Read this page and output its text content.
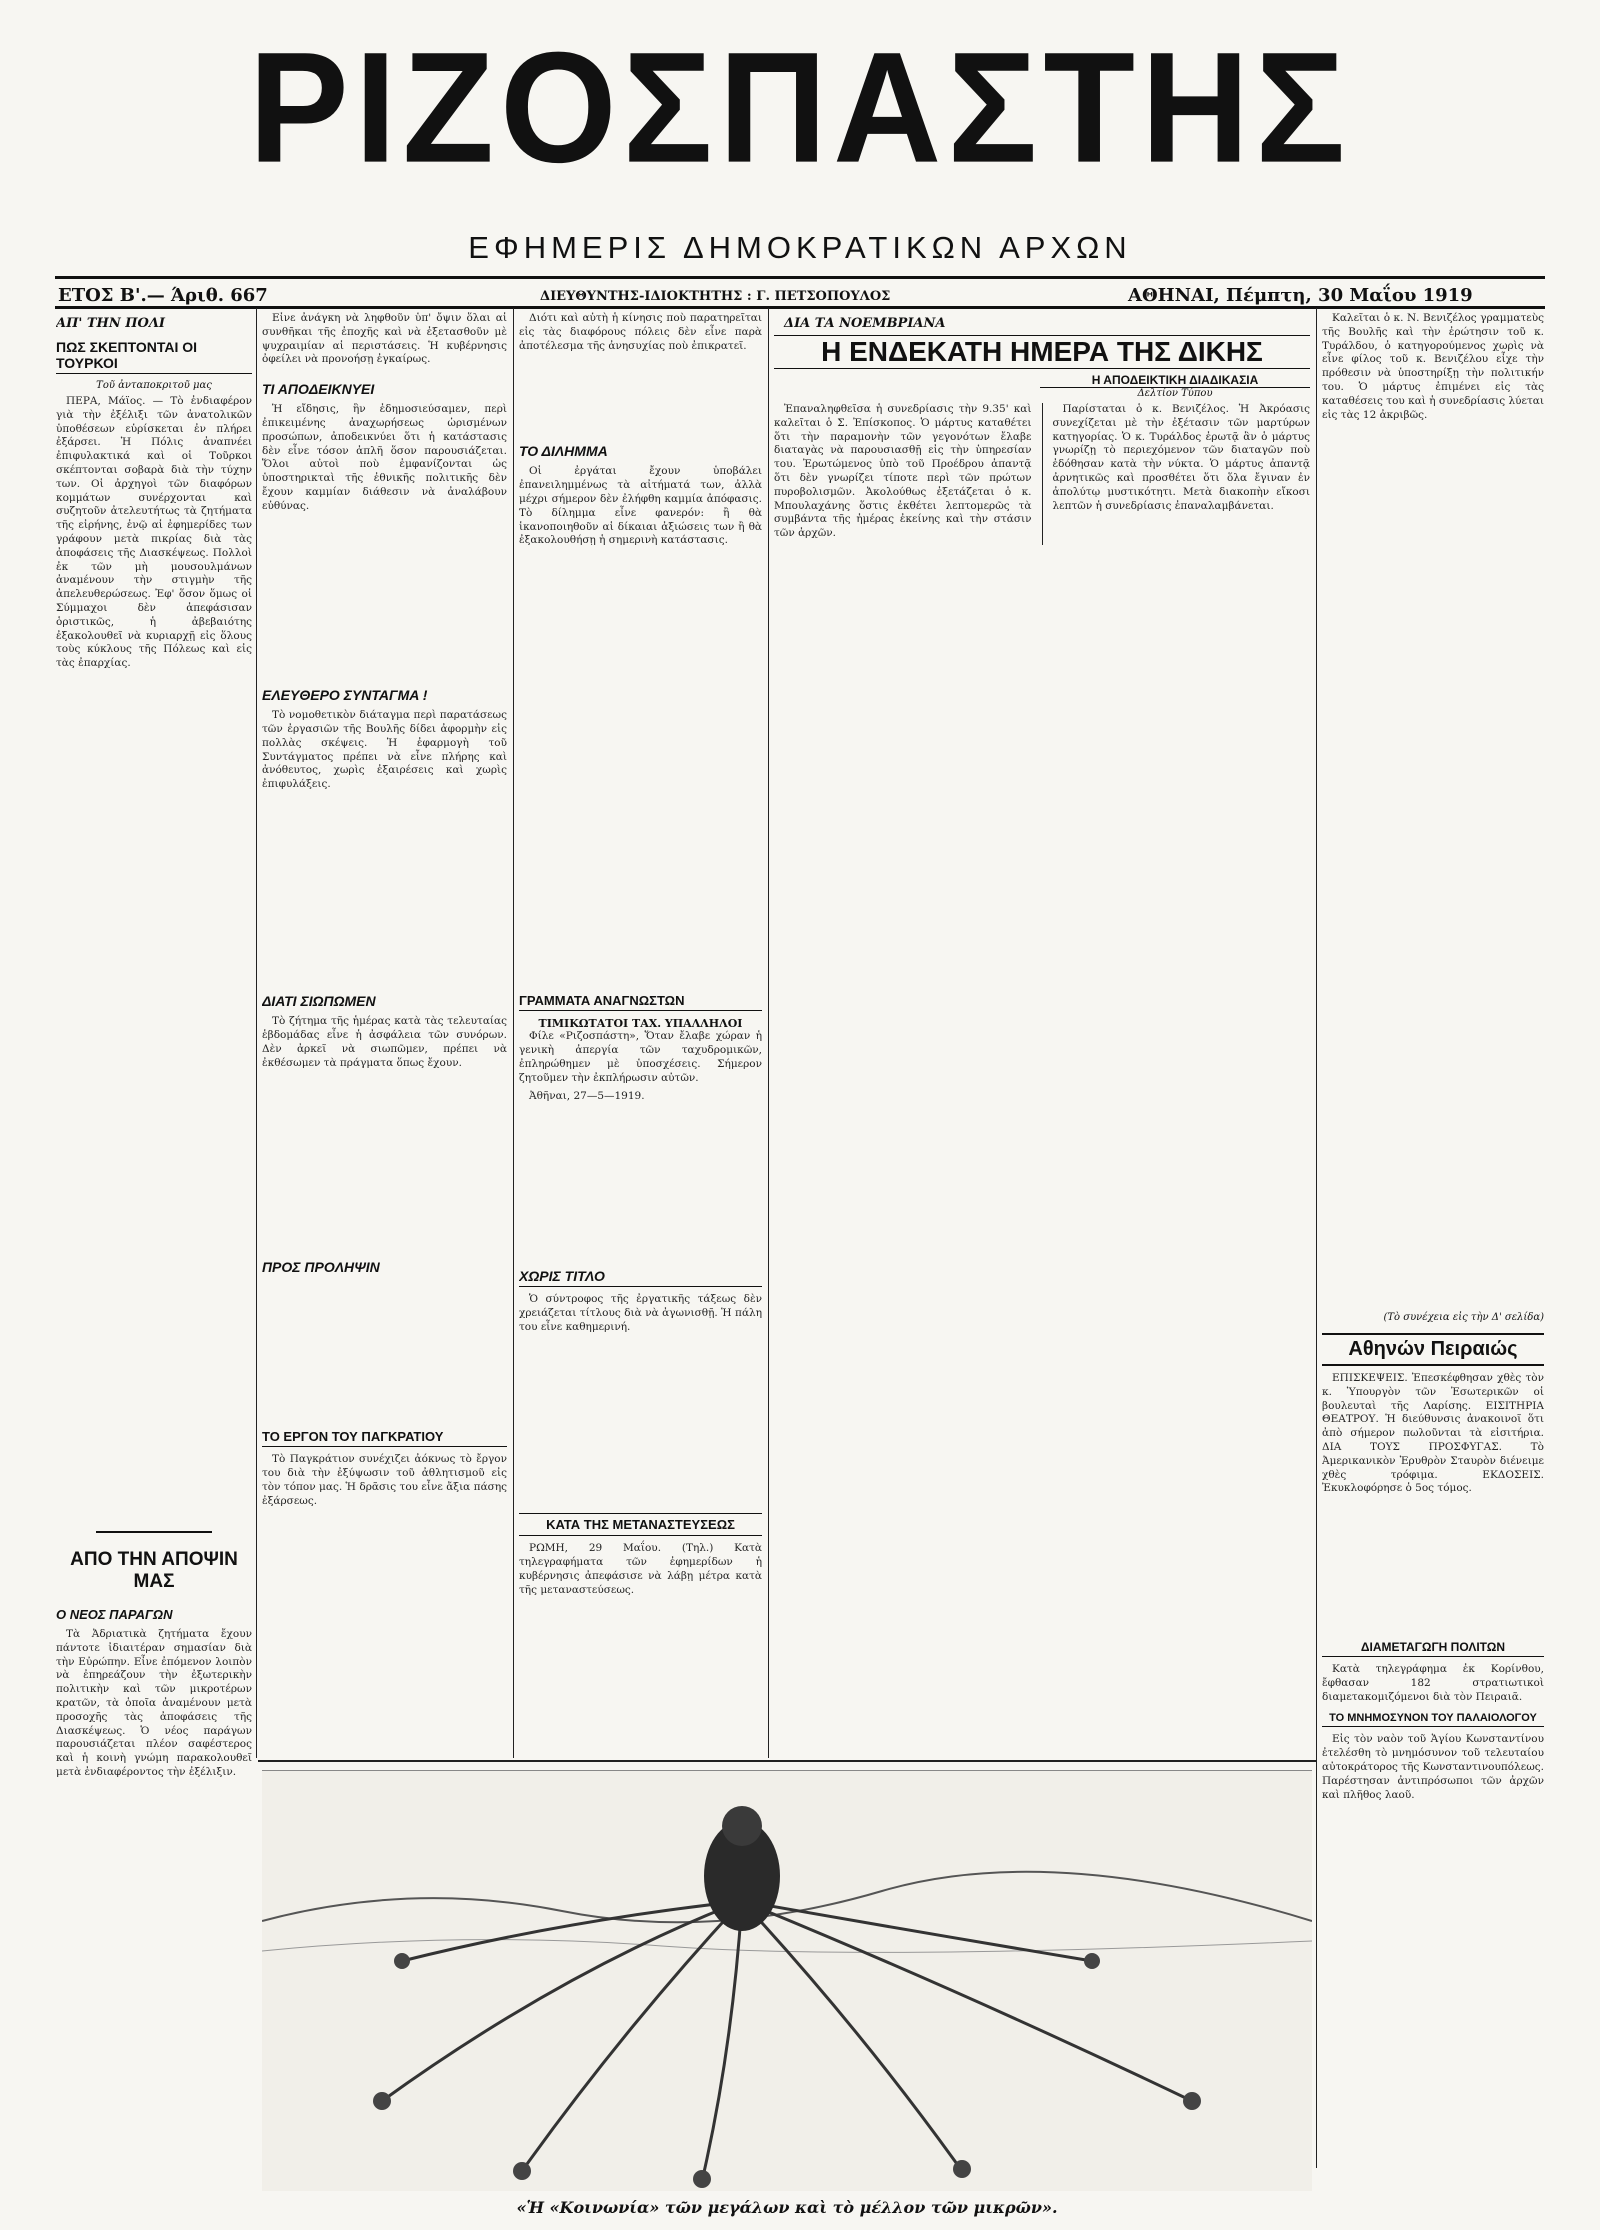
ΡΙΖΟΣΠΑΣΤΗΣ
ΕΦΗΜΕΡΙΣ ΔΗΜΟΚΡΑΤΙΚΩΝ ΑΡΧΩΝ
ΕΤΟΣ Β'.— Άριθ. 667	ΔΙΕΥΘΥΝΤΗΣ-ΙΔΙΟΚΤΗΤΗΣ : Γ. ΠΕΤΣΟΠΟΥΛΟΣ	ΑΘΗΝΑΙ, Πέμπτη, 30 Μαΐου 1919
ΑΠ' ΤΗΝ ΠΟΛΙ
ΠΩΣ ΣΚΕΠΤΟΝΤΑΙ ΟΙ ΤΟΥΡΚΟΙ
Τοῦ ἀνταποκριτοῦ μας

ΠΕΡΑ, Μάϊος. — Τὸ ἐνδιαφέρον γιὰ τὴν ἐξέλιξι τῶν ἀνατολικῶν ὑποθέσεων εὑρίσκεται ἐν πλήρει ἐξάρσει. Ἡ Πόλις ἀναπνέει ἐπιφυλακτικά καὶ οἱ Τοῦρκοι σκέπτονται σοβαρὰ διὰ τὴν τύχην των. Οἱ ἀρχηγοὶ τῶν διαφόρων κομμάτων συνέρχονται καὶ συζητοῦν ἀτελευτήτως τὰ ζητήματα τῆς εἰρήνης, ἐνῷ αἱ ἐφημερίδες των γράφουν μετὰ πικρίας διὰ τὰς ἀποφάσεις τῆς Διασκέψεως. Πολλοὶ ἐκ τῶν μὴ μουσουλμάνων ἀναμένουν τὴν στιγμὴν τῆς ἀπελευθερώσεως. Ἐφ' ὅσον ὅμως οἱ Σύμμαχοι δὲν ἀπεφάσισαν ὁριστικῶς, ἡ ἀβεβαιότης ἐξακολουθεῖ νὰ κυριαρχῇ εἰς ὅλους τοὺς κύκλους τῆς Πόλεως καὶ εἰς τὰς ἐπαρχίας.

ΑΠΟ ΤΗΝ ΑΠΟΨΙΝ ΜΑΣ
Ο ΝΕΟΣ ΠΑΡΑΓΩΝ

Τὰ Ἀδριατικὰ ζητήματα ἔχουν πάντοτε ἰδιαιτέραν σημασίαν διὰ τὴν Εὐρώπην. Εἶνε ἐπόμενον λοιπὸν νὰ ἐπηρεάζουν τὴν ἐξωτερικὴν πολιτικὴν καὶ τῶν μικροτέρων κρατῶν, τὰ ὁποῖα ἀναμένουν μετὰ προσοχῆς τὰς ἀποφάσεις τῆς Διασκέψεως. Ὁ νέος παράγων παρουσιάζεται πλέον σαφέστερος καὶ ἡ κοινὴ γνώμη παρακολουθεῖ μετὰ ἐνδιαφέροντος τὴν ἐξέλιξιν.

Εἶνε ἀνάγκη νὰ ληφθοῦν ὑπ' ὄψιν ὅλαι αἱ συνθῆκαι τῆς ἐποχῆς καὶ νὰ ἐξετασθοῦν μὲ ψυχραιμίαν αἱ περιστάσεις. Ἡ κυβέρνησις ὀφείλει νὰ προνοήσῃ ἐγκαίρως.

ΤΙ ΑΠΟΔΕΙΚΝΥΕΙ

Ἡ εἴδησις, ἣν ἐδημοσιεύσαμεν, περὶ ἐπικειμένης ἀναχωρήσεως ὡρισμένων προσώπων, ἀποδεικνύει ὅτι ἡ κατάστασις δὲν εἶνε τόσον ἀπλῆ ὅσον παρουσιάζεται. Ὅλοι αὐτοὶ ποὺ ἐμφανίζονται ὡς ὑποστηρικταὶ τῆς ἐθνικῆς πολιτικῆς δὲν ἔχουν καμμίαν διάθεσιν νὰ ἀναλάβουν εὐθύνας.

ΕΛΕΥΘΕΡΟ ΣΥΝΤΑΓΜΑ !

Τὸ νομοθετικὸν διάταγμα περὶ παρατάσεως τῶν ἐργασιῶν τῆς Βουλῆς δίδει ἀφορμὴν εἰς πολλὰς σκέψεις. Ἡ ἐφαρμογὴ τοῦ Συντάγματος πρέπει νὰ εἶνε πλήρης καὶ ἀνόθευτος, χωρὶς ἐξαιρέσεις καὶ χωρὶς ἐπιφυλάξεις.

ΔΙΑΤΙ ΣΙΩΠΩΜΕΝ

Τὸ ζήτημα τῆς ἡμέρας κατὰ τὰς τελευταίας ἑβδομάδας εἶνε ἡ ἀσφάλεια τῶν συνόρων. Δὲν ἀρκεῖ νὰ σιωπῶμεν, πρέπει νὰ ἐκθέσωμεν τὰ πράγματα ὅπως ἔχουν.

ΠΡΟΣ ΠΡΟΛΗΨΙΝ
ΤΟ ΕΡΓΟΝ ΤΟΥ ΠΑΓΚΡΑΤΙΟΥ

Τὸ Παγκράτιον συνέχιζει ἀόκνως τὸ ἔργον του διὰ τὴν ἐξύψωσιν τοῦ ἀθλητισμοῦ εἰς τὸν τόπον μας. Ἡ δρᾶσις του εἶνε ἄξια πάσης ἐξάρσεως.

Διότι καὶ αὐτὴ ἡ κίνησις ποὺ παρατηρεῖται εἰς τὰς διαφόρους πόλεις δὲν εἶνε παρὰ ἀποτέλεσμα τῆς ἀνησυχίας ποὺ ἐπικρατεῖ.

ΤΟ ΔΙΛΗΜΜΑ

Οἱ ἐργάται ἔχουν ὑποβάλει ἐπανειλημμένως τὰ αἰτήματά των, ἀλλὰ μέχρι σήμερον δὲν ἐλήφθη καμμία ἀπόφασις. Τὸ δίλημμα εἶνε φανερόν: ἢ θὰ ἱκανοποιηθοῦν αἱ δίκαιαι ἀξιώσεις των ἢ θὰ ἐξακολουθήσῃ ἡ σημερινὴ κατάστασις.

ΓΡΑΜΜΑΤΑ ΑΝΑΓΝΩΣΤΩΝ
ΤΙΜΙΚΩΤΑΤΟΙ ΤΑΧ. ΥΠΑΛΛΗΛΟΙ

Φίλε «Ριζοσπάστη», Ὅταν ἔλαβε χώραν ἡ γενικὴ ἀπεργία τῶν ταχυδρομικῶν, ἐπληρώθημεν μὲ ὑποσχέσεις. Σήμερον ζητοῦμεν τὴν ἐκπλήρωσιν αὐτῶν.

Ἀθῆναι, 27—5—1919.

ΧΩΡΙΣ ΤΙΤΛΟ

Ὁ σύντροφος τῆς ἐργατικῆς τάξεως δὲν χρειάζεται τίτλους διὰ νὰ ἀγωνισθῇ. Ἡ πάλη του εἶνε καθημερινή.

ΚΑΤΑ ΤΗΣ ΜΕΤΑΝΑΣΤΕΥΣΕΩΣ

ΡΩΜΗ, 29 Μαΐου. (Τηλ.) Κατὰ τηλεγραφήματα τῶν ἐφημερίδων ἡ κυβέρνησις ἀπεφάσισε νὰ λάβῃ μέτρα κατὰ τῆς μεταναστεύσεως.

ΔΙΑ ΤΑ ΝΟΕΜΒΡΙΑΝΑ
Η ΕΝΔΕΚΑΤΗ ΗΜΕΡΑ ΤΗΣ ΔΙΚΗΣ
Η ΑΠΟΔΕΙΚΤΙΚΗ ΔΙΑΔΙΚΑΣΙΑ
Δελτίον Τύπου

Ἐπαναληφθεῖσα ἡ συνεδρίασις τὴν 9.35' καὶ καλεῖται ὁ Σ. Ἐπίσκοπος. Ὁ μάρτυς καταθέτει ὅτι τὴν παραμονὴν τῶν γεγονότων ἔλαβε διαταγὰς νὰ παρουσιασθῇ εἰς τὴν ὑπηρεσίαν του. Ἐρωτώμενος ὑπὸ τοῦ Προέδρου ἀπαντᾷ ὅτι δὲν γνωρίζει τίποτε περὶ τῶν πρώτων πυροβολισμῶν. Ἀκολούθως ἐξετάζεται ὁ κ. Μπουλαχάνης ὅστις ἐκθέτει λεπτομερῶς τὰ συμβάντα τῆς ἡμέρας ἐκείνης καὶ τὴν στάσιν τῶν ἀρχῶν.

Παρίσταται ὁ κ. Βενιζέλος. Ἡ Ἀκρόασις συνεχίζεται μὲ τὴν ἐξέτασιν τῶν μαρτύρων κατηγορίας. Ὁ κ. Τυράλδος ἐρωτᾷ ἂν ὁ μάρτυς γνωρίζῃ τὸ περιεχόμενον τῶν διαταγῶν ποὺ ἐδόθησαν κατὰ τὴν νύκτα. Ὁ μάρτυς ἀπαντᾷ ἀρνητικῶς καὶ προσθέτει ὅτι ὅλα ἔγιναν ἐν ἀπολύτῳ μυστικότητι. Μετὰ διακοπὴν εἴκοσι λεπτῶν ἡ συνεδρίασις ἐπαναλαμβάνεται.

Καλεῖται ὁ κ. Ν. Βενιζέλος γραμματεὺς τῆς Βουλῆς καὶ τὴν ἐρώτησιν τοῦ κ. Τυράλδου, ὁ κατηγορούμενος χωρὶς νὰ εἶνε φίλος τοῦ κ. Βενιζέλου εἶχε τὴν πρόθεσιν νὰ ὑποστηρίξῃ τὴν πολιτικήν του. Ὁ μάρτυς ἐπιμένει εἰς τὰς καταθέσεις του καὶ ἡ συνεδρίασις λύεται εἰς τὰς 12 ἀκριβῶς.

(Τὸ συνέχεια εἰς τὴν Δ' σελίδα)
Αθηνών Πειραιώς

ΕΠΙΣΚΕΨΕΙΣ. Ἐπεσκέφθησαν χθὲς τὸν κ. Ὑπουργὸν τῶν Ἐσωτερικῶν οἱ βουλευταὶ τῆς Λαρίσης. ΕΙΣΙΤΗΡΙΑ ΘΕΑΤΡΟΥ. Ἡ διεύθυνσις ἀνακοινοῖ ὅτι ἀπὸ σήμερον πωλοῦνται τὰ εἰσιτήρια. ΔΙΑ ΤΟΥΣ ΠΡΟΣΦΥΓΑΣ. Τὸ Ἀμερικανικὸν Ἐρυθρὸν Σταυρὸν διένειμε χθὲς τρόφιμα. ΕΚΔΟΣΕΙΣ. Ἐκυκλοφόρησε ὁ 5ος τόμος.

ΔΙΑΜΕΤΑΓΩΓΗ ΠΟΛΙΤΩΝ

Κατὰ τηλεγράφημα ἐκ Κορίνθου, ἔφθασαν 182 στρατιωτικοὶ διαμετακομιζόμενοι διὰ τὸν Πειραιᾶ.

ΤΟ ΜΝΗΜΟΣΥΝΟΝ ΤΟΥ ΠΑΛΑΙΟΛΟΓΟΥ

Εἰς τὸν ναὸν τοῦ Ἁγίου Κωνσταντίνου ἐτελέσθη τὸ μνημόσυνον τοῦ τελευταίου αὐτοκράτορος τῆς Κωνσταντινουπόλεως. Παρέστησαν ἀντιπρόσωποι τῶν ἀρχῶν καὶ πλῆθος λαοῦ.

«Ἡ «Κοινωνία» τῶν μεγάλων καὶ τὸ μέλλον τῶν μικρῶν».
